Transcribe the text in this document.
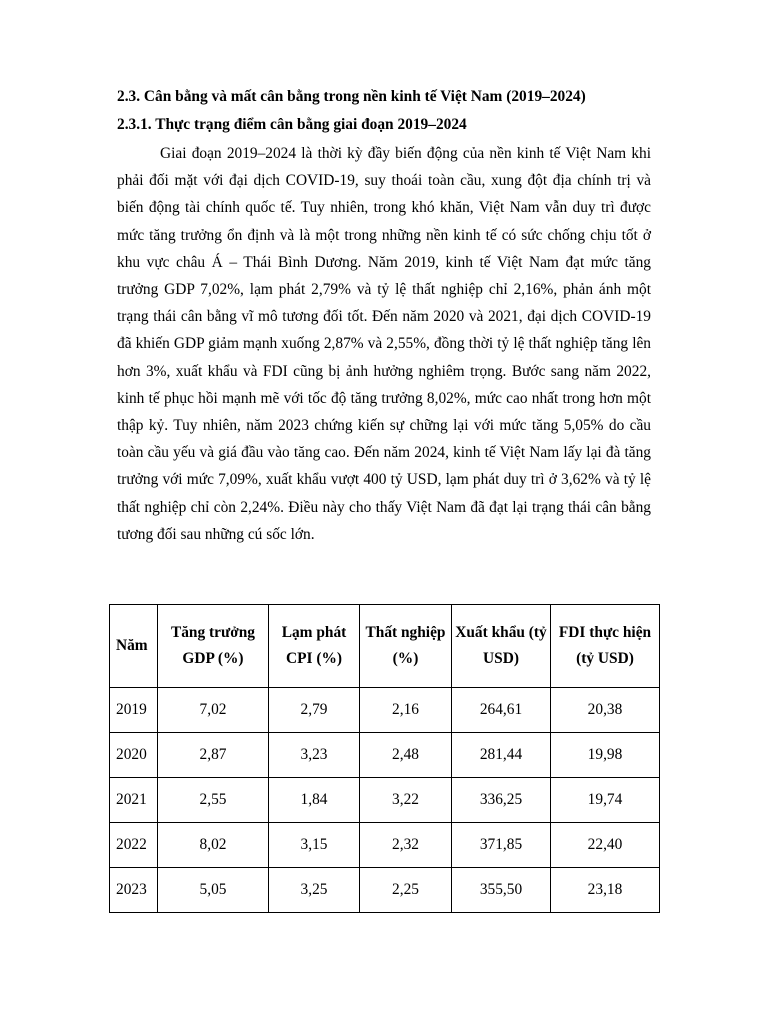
2.3. Cân bằng và mất cân bằng trong nền kinh tế Việt Nam (2019–2024)
2.3.1. Thực trạng điểm cân bằng giai đoạn 2019–2024

Giai đoạn 2019–2024 là thời kỳ đầy biến động của nền kinh tế Việt Nam khi phải đối mặt với đại dịch COVID-19, suy thoái toàn cầu, xung đột địa chính trị và biến động tài chính quốc tế. Tuy nhiên, trong khó khăn, Việt Nam vẫn duy trì được mức tăng trưởng ổn định và là một trong những nền kinh tế có sức chống chịu tốt ở khu vực châu Á – Thái Bình Dương. Năm 2019, kinh tế Việt Nam đạt mức tăng trưởng GDP 7,02%, lạm phát 2,79% và tỷ lệ thất nghiệp chỉ 2,16%, phản ánh một trạng thái cân bằng vĩ mô tương đối tốt. Đến năm 2020 và 2021, đại dịch COVID-19 đã khiến GDP giảm mạnh xuống 2,87% và 2,55%, đồng thời tỷ lệ thất nghiệp tăng lên hơn 3%, xuất khẩu và FDI cũng bị ảnh hưởng nghiêm trọng. Bước sang năm 2022, kinh tế phục hồi mạnh mẽ với tốc độ tăng trưởng 8,02%, mức cao nhất trong hơn một thập kỷ. Tuy nhiên, năm 2023 chứng kiến sự chững lại với mức tăng 5,05% do cầu toàn cầu yếu và giá đầu vào tăng cao. Đến năm 2024, kinh tế Việt Nam lấy lại đà tăng trưởng với mức 7,09%, xuất khẩu vượt 400 tỷ USD, lạm phát duy trì ở 3,62% và tỷ lệ thất nghiệp chỉ còn 2,24%. Điều này cho thấy Việt Nam đã đạt lại trạng thái cân bằng tương đối sau những cú sốc lớn.

Năm	Tăng trưởng GDP (%)	Lạm phát CPI (%)	Thất nghiệp (%)	Xuất khẩu (tỷ USD)	FDI thực hiện (tỷ USD)
2019	7,02	2,79	2,16	264,61	20,38
2020	2,87	3,23	2,48	281,44	19,98
2021	2,55	1,84	3,22	336,25	19,74
2022	8,02	3,15	2,32	371,85	22,40
2023	5,05	3,25	2,25	355,50	23,18
